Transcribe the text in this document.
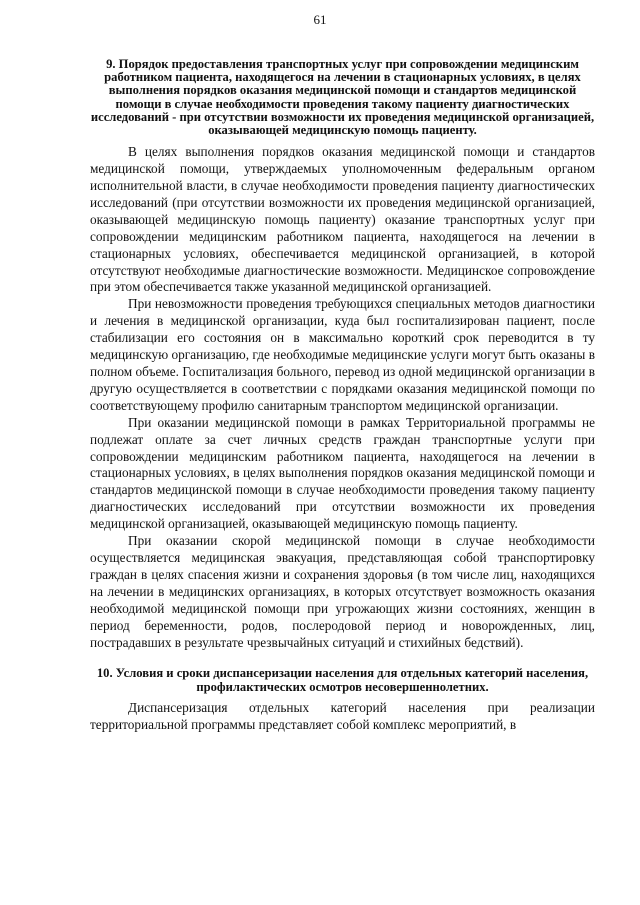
61

9. Порядок предоставления транспортных услуг при сопровождении медицинским работником пациента, находящегося на лечении в стационарных условиях, в целях выполнения порядков оказания медицинской помощи и стандартов медицинской помощи в случае необходимости проведения такому пациенту диагностических исследований - при отсутствии возможности их проведения медицинской организацией, оказывающей медицинскую помощь пациенту.

В целях выполнения порядков оказания медицинской помощи и стандартов медицинской помощи, утверждаемых уполномоченным федеральным органом исполнительной власти, в случае необходимости проведения пациенту диагностических исследований (при отсутствии возможности их проведения медицинской организацией, оказывающей медицинскую помощь пациенту) оказание транспортных услуг при сопровождении медицинским работником пациента, находящегося на лечении в стационарных условиях, обеспечивается медицинской организацией, в которой отсутствуют необходимые диагностические возможности. Медицинское сопровождение при этом обеспечивается также указанной медицинской организацией.

При невозможности проведения требующихся специальных методов диагностики и лечения в медицинской организации, куда был госпитализирован пациент, после стабилизации его состояния он в максимально короткий срок переводится в ту медицинскую организацию, где необходимые медицинские услуги могут быть оказаны в полном объеме. Госпитализация больного, перевод из одной медицинской организации в другую осуществляется в соответствии с порядками оказания медицинской помощи по соответствующему профилю санитарным транспортом медицинской организации.

При оказании медицинской помощи в рамках Территориальной программы не подлежат оплате за счет личных средств граждан транспортные услуги при сопровождении медицинским работником пациента, находящегося на лечении в стационарных условиях, в целях выполнения порядков оказания медицинской помощи и стандартов медицинской помощи в случае необходимости проведения такому пациенту диагностических исследований при отсутствии возможности их проведения медицинской организацией, оказывающей медицинскую помощь пациенту.

При оказании скорой медицинской помощи в случае необходимости осуществляется медицинская эвакуация, представляющая собой транспортировку граждан в целях спасения жизни и сохранения здоровья (в том числе лиц, находящихся на лечении в медицинских организациях, в которых отсутствует возможность оказания необходимой медицинской помощи при угрожающих жизни состояниях, женщин в период беременности, родов, послеродовой период и новорожденных, лиц, пострадавших в результате чрезвычайных ситуаций и стихийных бедствий).

10. Условия и сроки диспансеризации населения для отдельных категорий населения, профилактических осмотров несовершеннолетних.

Диспансеризация отдельных категорий населения при реализации территориальной программы представляет собой комплекс мероприятий, в
